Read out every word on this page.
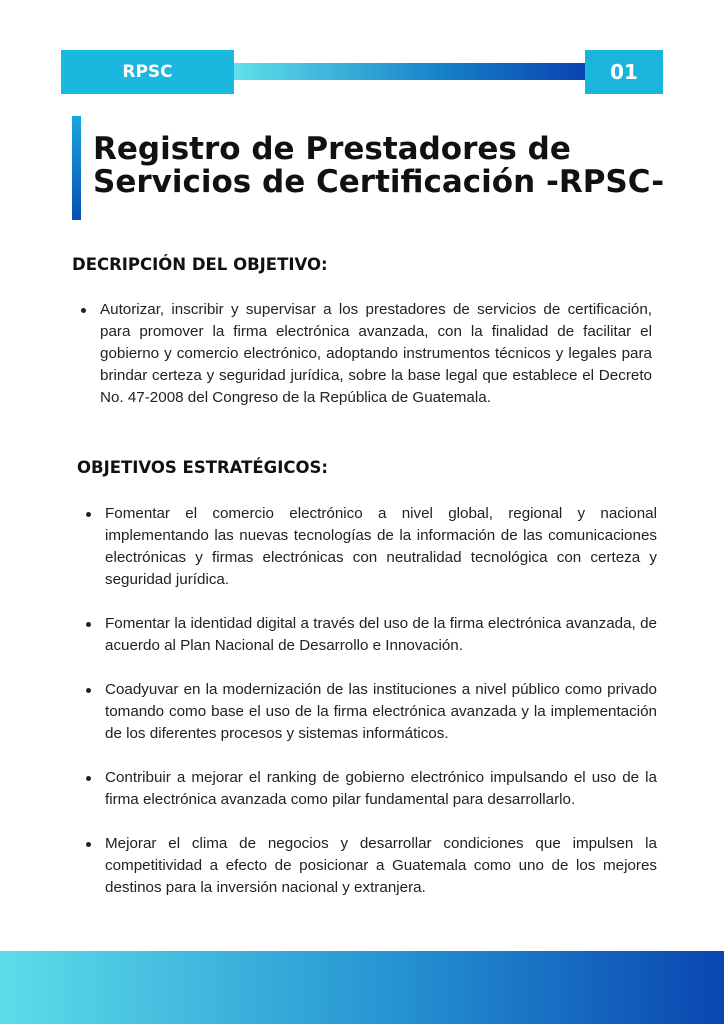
RPSC	01
Registro de Prestadores de
Servicios de Certificación -RPSC-
DECRIPCIÓN DEL OBJETIVO:
Autorizar, inscribir y supervisar a los prestadores de servicios de certificación, para promover la firma electrónica avanzada, con la finalidad de facilitar el gobierno y comercio electrónico, adoptando instrumentos técnicos y legales para brindar certeza y seguridad jurídica, sobre la base legal que establece el Decreto No. 47-2008 del Congreso de la República de Guatemala.
OBJETIVOS ESTRATÉGICOS:
Fomentar el comercio electrónico a nivel global, regional y nacional implementando las nuevas tecnologías de la información de las comunicaciones electrónicas y firmas electrónicas con neutralidad tecnológica con certeza y seguridad jurídica.
Fomentar la identidad digital a través del uso de la firma electrónica avanzada, de acuerdo al Plan Nacional de Desarrollo e Innovación.
Coadyuvar en la modernización de las instituciones a nivel público como privado tomando como base el uso de la firma electrónica avanzada y la implementación de los diferentes procesos y sistemas informáticos.
Contribuir a mejorar el ranking de gobierno electrónico impulsando el uso de la firma electrónica avanzada como pilar fundamental para desarrollarlo.
Mejorar el clima de negocios y desarrollar condiciones que impulsen la competitividad a efecto de posicionar a Guatemala como uno de los mejores destinos para la inversión nacional y extranjera.
